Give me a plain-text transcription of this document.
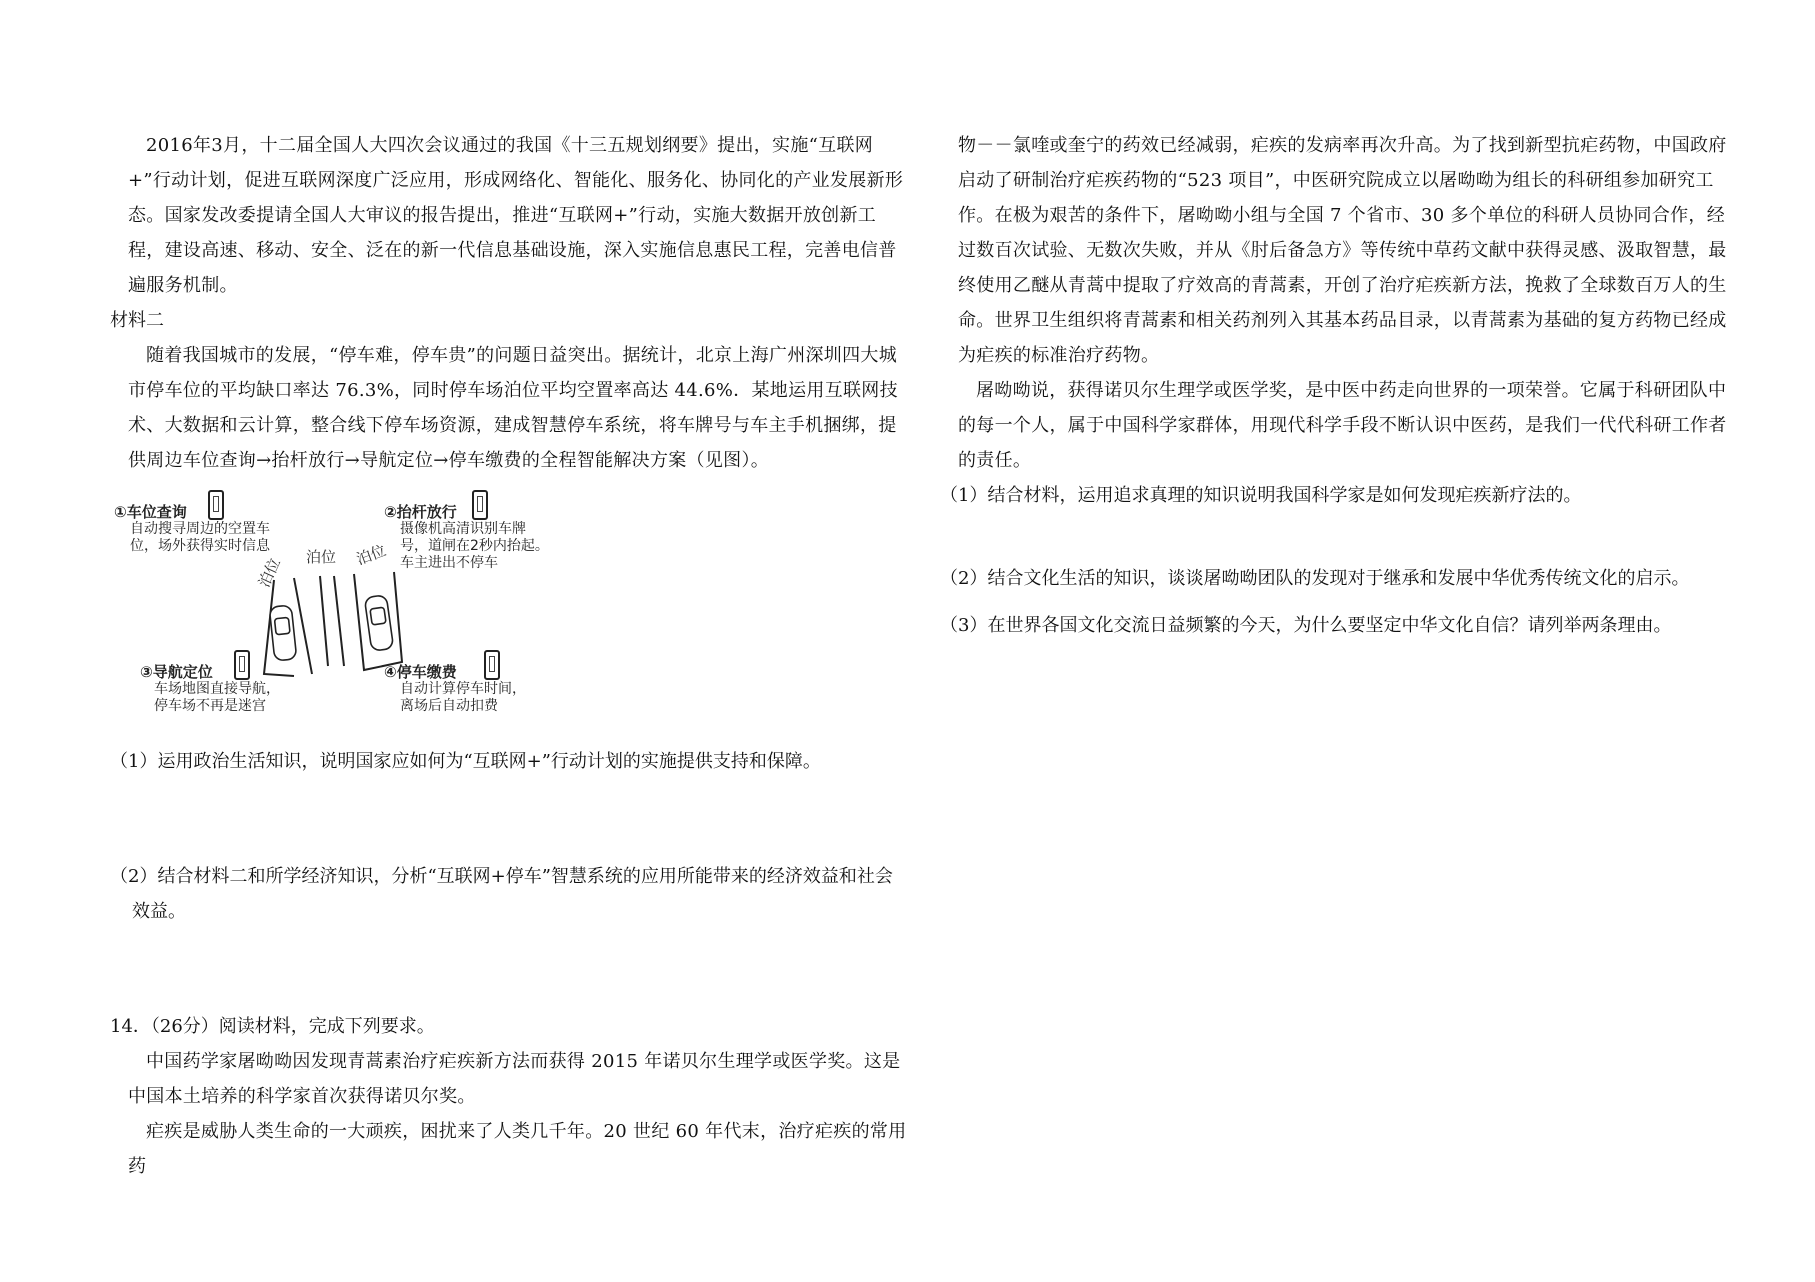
2016年3月，十二届全国人大四次会议通过的我国《十三五规划纲要》提出，实施“互联网+”行动计划，促进互联网深度广泛应用，形成网络化、智能化、服务化、协同化的产业发展新形态。国家发改委提请全国人大审议的报告提出，推进“互联网+”行动，实施大数据开放创新工程，建设高速、移动、安全、泛在的新一代信息基础设施，深入实施信息惠民工程，完善电信普遍服务机制。
材料二
随着我国城市的发展，“停车难，停车贵”的问题日益突出。据统计，北京上海广州深圳四大城市停车位的平均缺口率达 76.3%，同时停车场泊位平均空置率高达 44.6%．某地运用互联网技术、大数据和云计算，整合线下停车场资源，建成智慧停车系统，将车牌号与车主手机捆绑，提供周边车位查询→抬杆放行→导航定位→停车缴费的全程智能解决方案（见图）。
①车位查询
自动搜寻周边的空置车
位，场外获得实时信息
②抬杆放行
摄像机高清识别车牌
号，道闸在2秒内抬起。
车主进出不停车
泊位 泊位 泊位
③导航定位
车场地图直接导航，
停车场不再是迷宫
④停车缴费
自动计算停车时间，
离场后自动扣费
（1）运用政治生活知识，说明国家应如何为“互联网+”行动计划的实施提供支持和保障。
（2）结合材料二和所学经济知识，分析“互联网+停车”智慧系统的应用所能带来的经济效益和社会效益。
14．（26分）阅读材料，完成下列要求。
中国药学家屠呦呦因发现青蒿素治疗疟疾新方法而获得 2015 年诺贝尔生理学或医学奖。这是中国本土培养的科学家首次获得诺贝尔奖。
疟疾是威胁人类生命的一大顽疾，困扰来了人类几千年。20 世纪 60 年代末，治疗疟疾的常用药
物－－氯喹或奎宁的药效已经减弱，疟疾的发病率再次升高。为了找到新型抗疟药物，中国政府启动了研制治疗疟疾药物的“523 项目”，中医研究院成立以屠呦呦为组长的科研组参加研究工作。在极为艰苦的条件下，屠呦呦小组与全国 7 个省市、30 多个单位的科研人员协同合作，经过数百次试验、无数次失败，并从《肘后备急方》等传统中草药文献中获得灵感、汲取智慧，最终使用乙醚从青蒿中提取了疗效高的青蒿素，开创了治疗疟疾新方法，挽救了全球数百万人的生命。世界卫生组织将青蒿素和相关药剂列入其基本药品目录，以青蒿素为基础的复方药物已经成为疟疾的标准治疗药物。
屠呦呦说，获得诺贝尔生理学或医学奖，是中医中药走向世界的一项荣誉。它属于科研团队中的每一个人，属于中国科学家群体，用现代科学手段不断认识中医药，是我们一代代科研工作者的责任。
（1）结合材料，运用追求真理的知识说明我国科学家是如何发现疟疾新疗法的。
（2）结合文化生活的知识，谈谈屠呦呦团队的发现对于继承和发展中华优秀传统文化的启示。
（3）在世界各国文化交流日益频繁的今天，为什么要坚定中华文化自信？请列举两条理由。
